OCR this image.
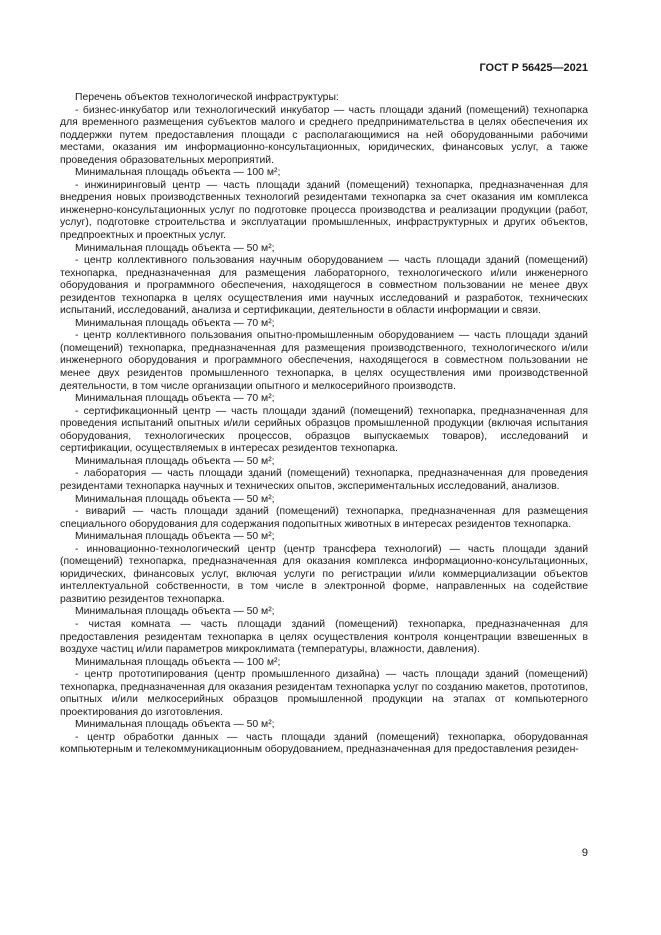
ГОСТ Р 56425—2021

Перечень объектов технологической инфраструктуры:

- бизнес-инкубатор или технологический инкубатор — часть площади зданий (помещений) технопарка для временного размещения субъектов малого и среднего предпринимательства в целях обеспечения их поддержки путем предоставления площади с располагающимися на ней оборудованными рабочими местами, оказания им информационно-консультационных, юридических, финансовых услуг, а также проведения образовательных мероприятий.

Минимальная площадь объекта — 100 м²;

- инжиниринговый центр — часть площади зданий (помещений) технопарка, предназначенная для внедрения новых производственных технологий резидентами технопарка за счет оказания им комплекса инженерно-консультационных услуг по подготовке процесса производства и реализации продукции (работ, услуг), подготовке строительства и эксплуатации промышленных, инфраструктурных и других объектов, предпроектных и проектных услуг.

Минимальная площадь объекта — 50 м²;

- центр коллективного пользования научным оборудованием — часть площади зданий (помещений) технопарка, предназначенная для размещения лабораторного, технологического и/или инженерного оборудования и программного обеспечения, находящегося в совместном пользовании не менее двух резидентов технопарка в целях осуществления ими научных исследований и разработок, технических испытаний, исследований, анализа и сертификации, деятельности в области информации и связи.

Минимальная площадь объекта — 70 м²;

- центр коллективного пользования опытно-промышленным оборудованием — часть площади зданий (помещений) технопарка, предназначенная для размещения производственного, технологического и/или инженерного оборудования и программного обеспечения, находящегося в совместном пользовании не менее двух резидентов промышленного технопарка, в целях осуществления ими производственной деятельности, в том числе организации опытного и мелкосерийного производств.

Минимальная площадь объекта — 70 м²;

- сертификационный центр — часть площади зданий (помещений) технопарка, предназначенная для проведения испытаний опытных и/или серийных образцов промышленной продукции (включая испытания оборудования, технологических процессов, образцов выпускаемых товаров), исследований и сертификации, осуществляемых в интересах резидентов технопарка.

Минимальная площадь объекта — 50 м²;

- лаборатория — часть площади зданий (помещений) технопарка, предназначенная для проведения резидентами технопарка научных и технических опытов, экспериментальных исследований, анализов.

Минимальная площадь объекта — 50 м²;

- виварий — часть площади зданий (помещений) технопарка, предназначенная для размещения специального оборудования для содержания подопытных животных в интересах резидентов технопарка.

Минимальная площадь объекта — 50 м²;

- инновационно-технологический центр (центр трансфера технологий) — часть площади зданий (помещений) технопарка, предназначенная для оказания комплекса информационно-консультационных, юридических, финансовых услуг, включая услуги по регистрации и/или коммерциализации объектов интеллектуальной собственности, в том числе в электронной форме, направленных на содействие развитию резидентов технопарка.

Минимальная площадь объекта — 50 м²;

- чистая комната — часть площади зданий (помещений) технопарка, предназначенная для предоставления резидентам технопарка в целях осуществления контроля концентрации взвешенных в воздухе частиц и/или параметров микроклимата (температуры, влажности, давления).

Минимальная площадь объекта — 100 м²;

- центр прототипирования (центр промышленного дизайна) — часть площади зданий (помещений) технопарка, предназначенная для оказания резидентам технопарка услуг по созданию макетов, прототипов, опытных и/или мелкосерийных образцов промышленной продукции на этапах от компьютерного проектирования до изготовления.

Минимальная площадь объекта — 50 м²;

- центр обработки данных — часть площади зданий (помещений) технопарка, оборудованная компьютерным и телекоммуникационным оборудованием, предназначенная для предоставления резиден-

9
